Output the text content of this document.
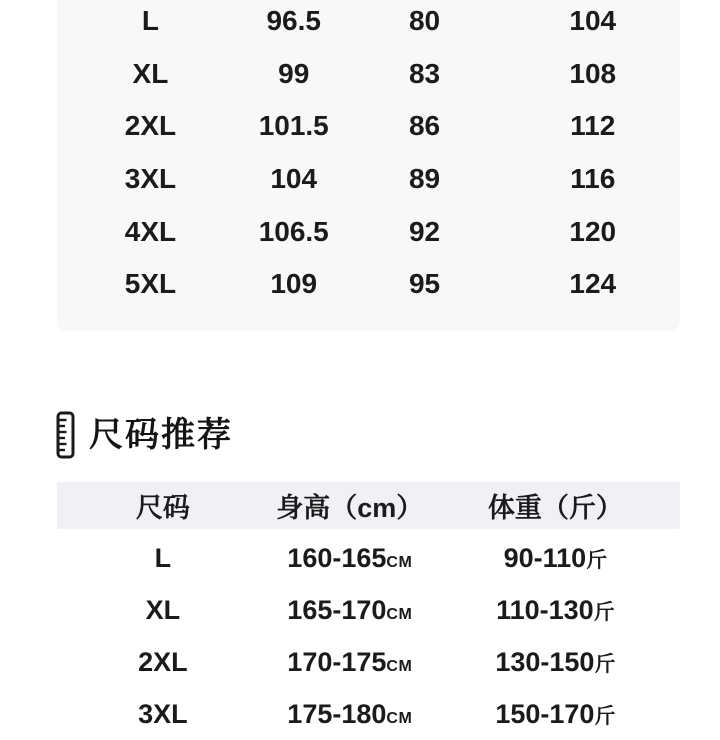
L	96.5	80	104
XL	99	83	108
2XL	101.5	86	112
3XL	104	89	116
4XL	106.5	92	120
5XL	109	95	124
尺码推荐
尺码	身高（cm）	体重（斤）
L	160-165CM	90-110斤
XL	165-170CM	110-130斤
2XL	170-175CM	130-150斤
3XL	175-180CM	150-170斤
